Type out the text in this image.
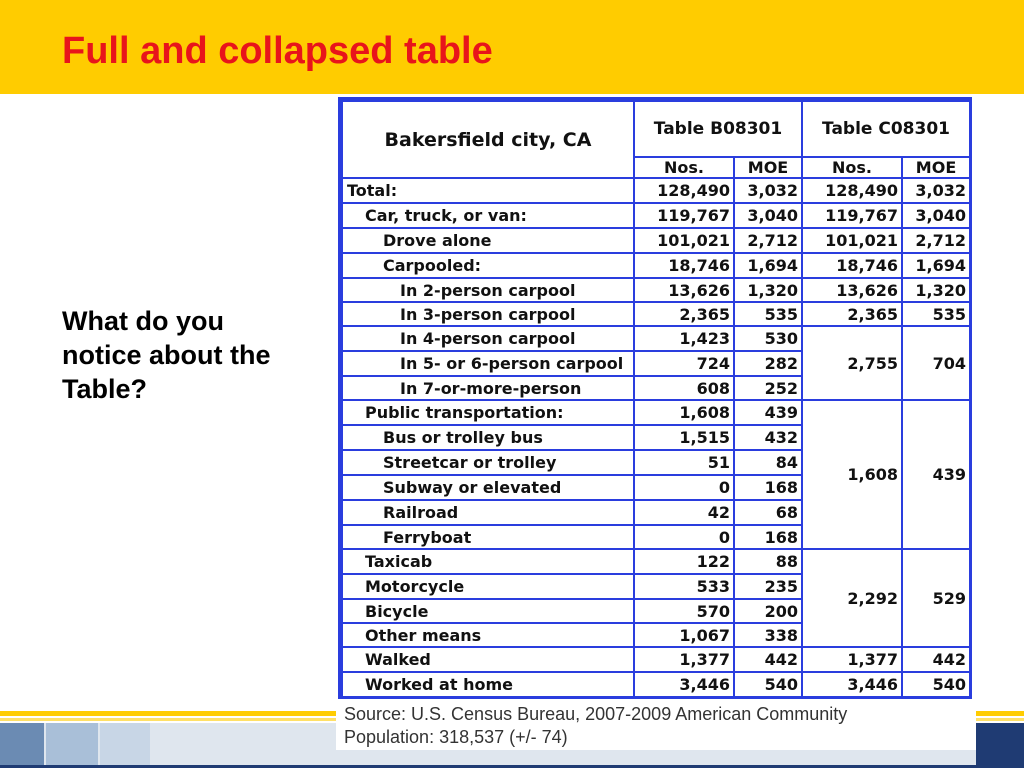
Full and collapsed table
What do you notice about the Table?
Bakersfield city, CA	Table B08301		Table C08301	
	Nos.	MOE	Nos.	MOE
Total:	128,490	3,032	128,490	3,032
Car, truck, or van:	119,767	3,040	119,767	3,040
Drove alone	101,021	2,712	101,021	2,712
Carpooled:	18,746	1,694	18,746	1,694
In 2-person carpool	13,626	1,320	13,626	1,320
In 3-person carpool	2,365	535	2,365	535
In 4-person carpool	1,423	530	2,755	704
In 5- or 6-person carpool	724	282		
In 7-or-more-person	608	252		
Public transportation:	1,608	439	1,608	439
Bus or trolley bus	1,515	432		
Streetcar or trolley	51	84		
Subway or elevated	0	168		
Railroad	42	68		
Ferryboat	0	168		
Taxicab	122	88	2,292	529
Motorcycle	533	235		
Bicycle	570	200		
Other means	1,067	338		
Walked	1,377	442	1,377	442
Worked at home	3,446	540	3,446	540
Source: U.S. Census Bureau, 2007-2009 American Community
Population: 318,537 (+/- 74)
